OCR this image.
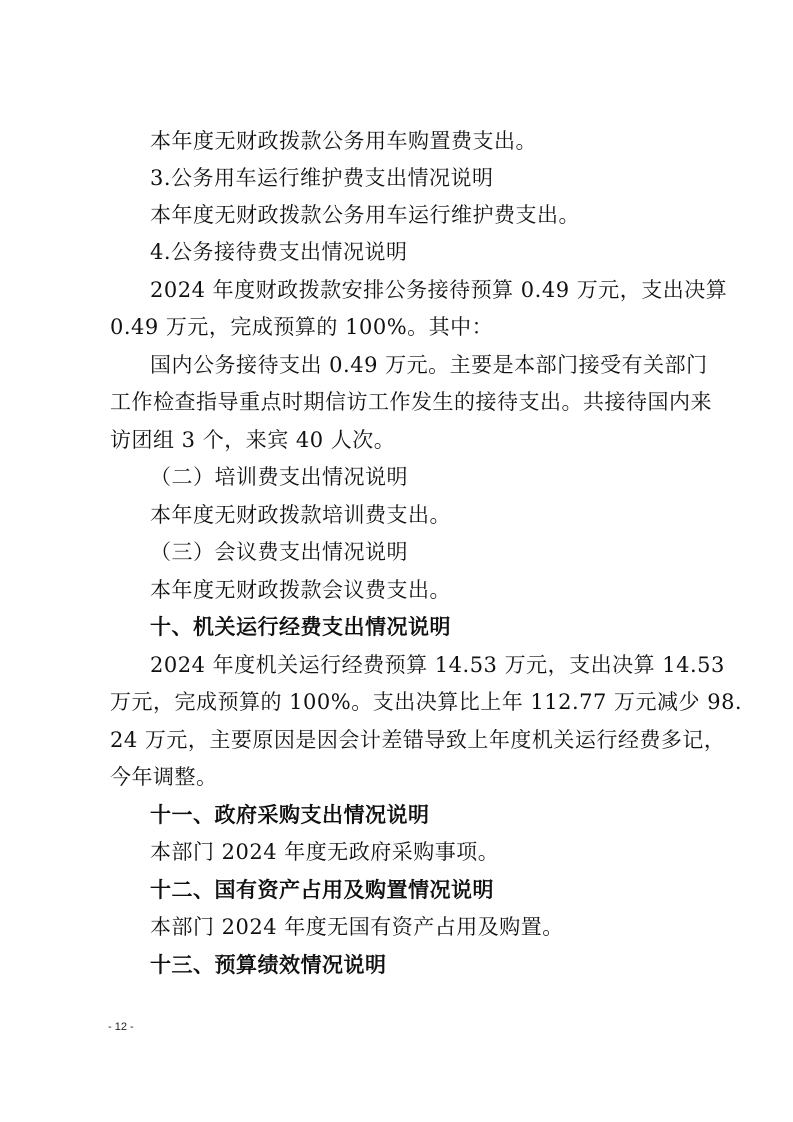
本年度无财政拨款公务用车购置费支出。
3.公务用车运行维护费支出情况说明
本年度无财政拨款公务用车运行维护费支出。
4.公务接待费支出情况说明
2024 年度财政拨款安排公务接待预算 0.49 万元，支出决算
0.49 万元，完成预算的 100%。其中：
国内公务接待支出 0.49 万元。主要是本部门接受有关部门
工作检查指导重点时期信访工作发生的接待支出。共接待国内来
访团组 3 个，来宾 40 人次。
（二）培训费支出情况说明
本年度无财政拨款培训费支出。
（三）会议费支出情况说明
本年度无财政拨款会议费支出。
十、机关运行经费支出情况说明
2024 年度机关运行经费预算 14.53 万元，支出决算 14.53
万元，完成预算的 100%。支出决算比上年 112.77 万元减少 98.
24 万元，主要原因是因会计差错导致上年度机关运行经费多记，
今年调整。
十一、政府采购支出情况说明
本部门 2024 年度无政府采购事项。
十二、国有资产占用及购置情况说明
本部门 2024 年度无国有资产占用及购置。
十三、预算绩效情况说明
- 12 -
